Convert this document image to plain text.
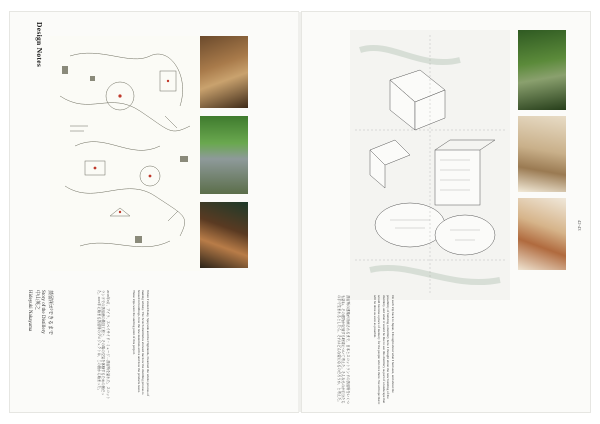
Design Notes
蒸留所ができるまで
Story of the Distillery
中山英之
Hideyuki Nakayama	2018年9月、アイラ、スペイサイド・ミュージ…蒸留所を訪れた。スコットランドでの蒸留酒の製造工程と、その場の空気を体験するための旅だった。2019年に始まる蒸留所のプロジェクトは、この旅から始まった。	When I visited Islay, Speyside and the Highlands, I learned the whole process of making whisky. The Scotch distilleries showed me how the distilling process is housed in buildings, how the raw materials arrive and how the products leave. These trips were the starting point of this project.	蒸留所の建築が計画されるまで、日本とスコットランドの蒸留所をいくつも訪ね、その建物が記憶する時間について考えた。そんなものが自分たちの手で生まれるとしたら、それはどんな姿になるのだろうか、と考えた。	On each trip back to Japan, I thought about what I had seen, and about the possibility of building a distillery here. I thought about the new building of the distillery, and what it would be like to see this distillery as part of a landscape that would become a place of memory for the people who live there. We all hope that it will be done as soon as possible.
42-43
